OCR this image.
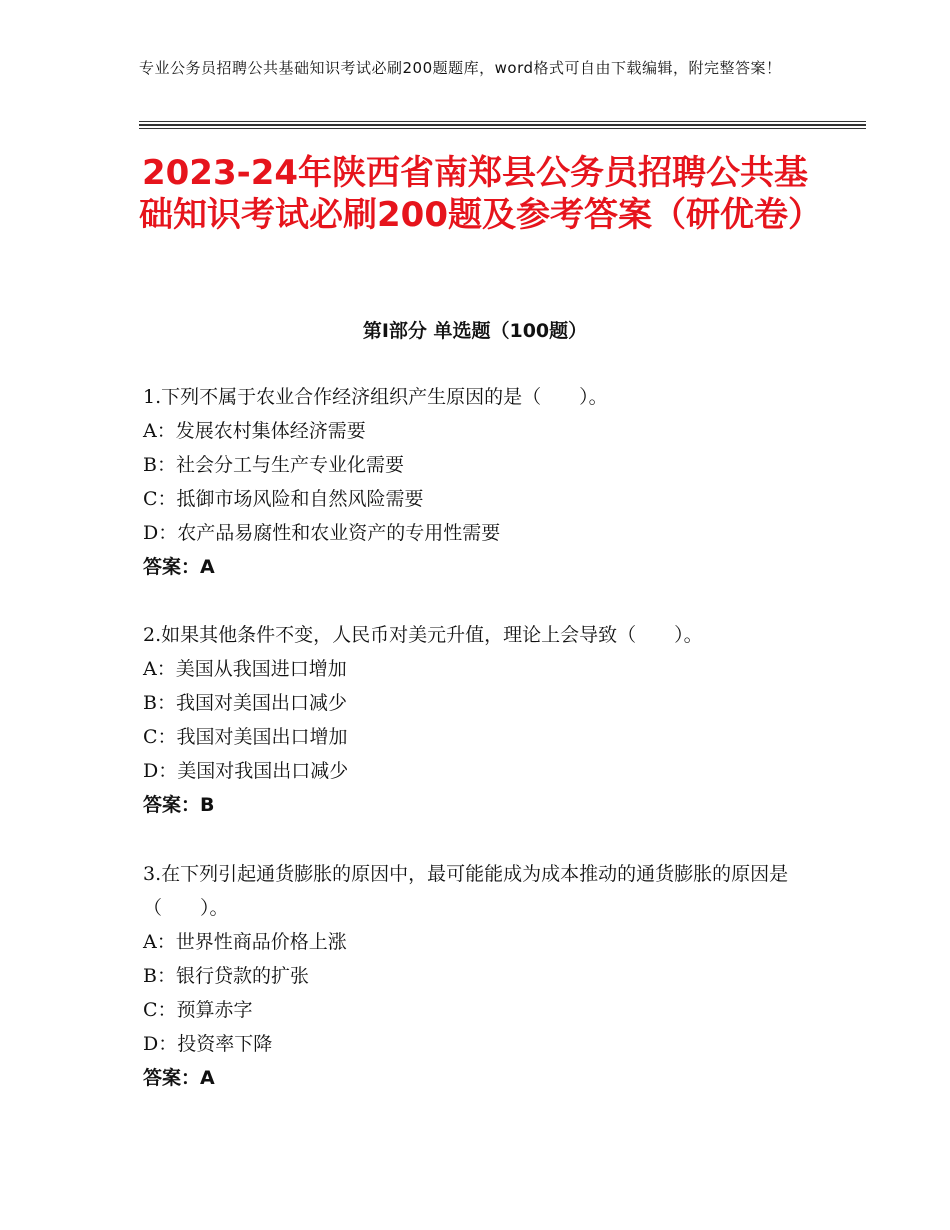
专业公务员招聘公共基础知识考试必刷200题题库，word格式可自由下载编辑，附完整答案！
2023-24年陕西省南郑县公务员招聘公共基础知识考试必刷200题及参考答案（研优卷）
第Ⅰ部分 单选题（100题）
1.下列不属于农业合作经济组织产生原因的是（　　）。
A：发展农村集体经济需要
B：社会分工与生产专业化需要
C：抵御市场风险和自然风险需要
D：农产品易腐性和农业资产的专用性需要
答案：A
2.如果其他条件不变，人民币对美元升值，理论上会导致（　　）。
A：美国从我国进口增加
B：我国对美国出口减少
C：我国对美国出口增加
D：美国对我国出口减少
答案：B
3.在下列引起通货膨胀的原因中，最可能能成为成本推动的通货膨胀的原因是（　　）。
A：世界性商品价格上涨
B：银行贷款的扩张
C：预算赤字
D：投资率下降
答案：A
